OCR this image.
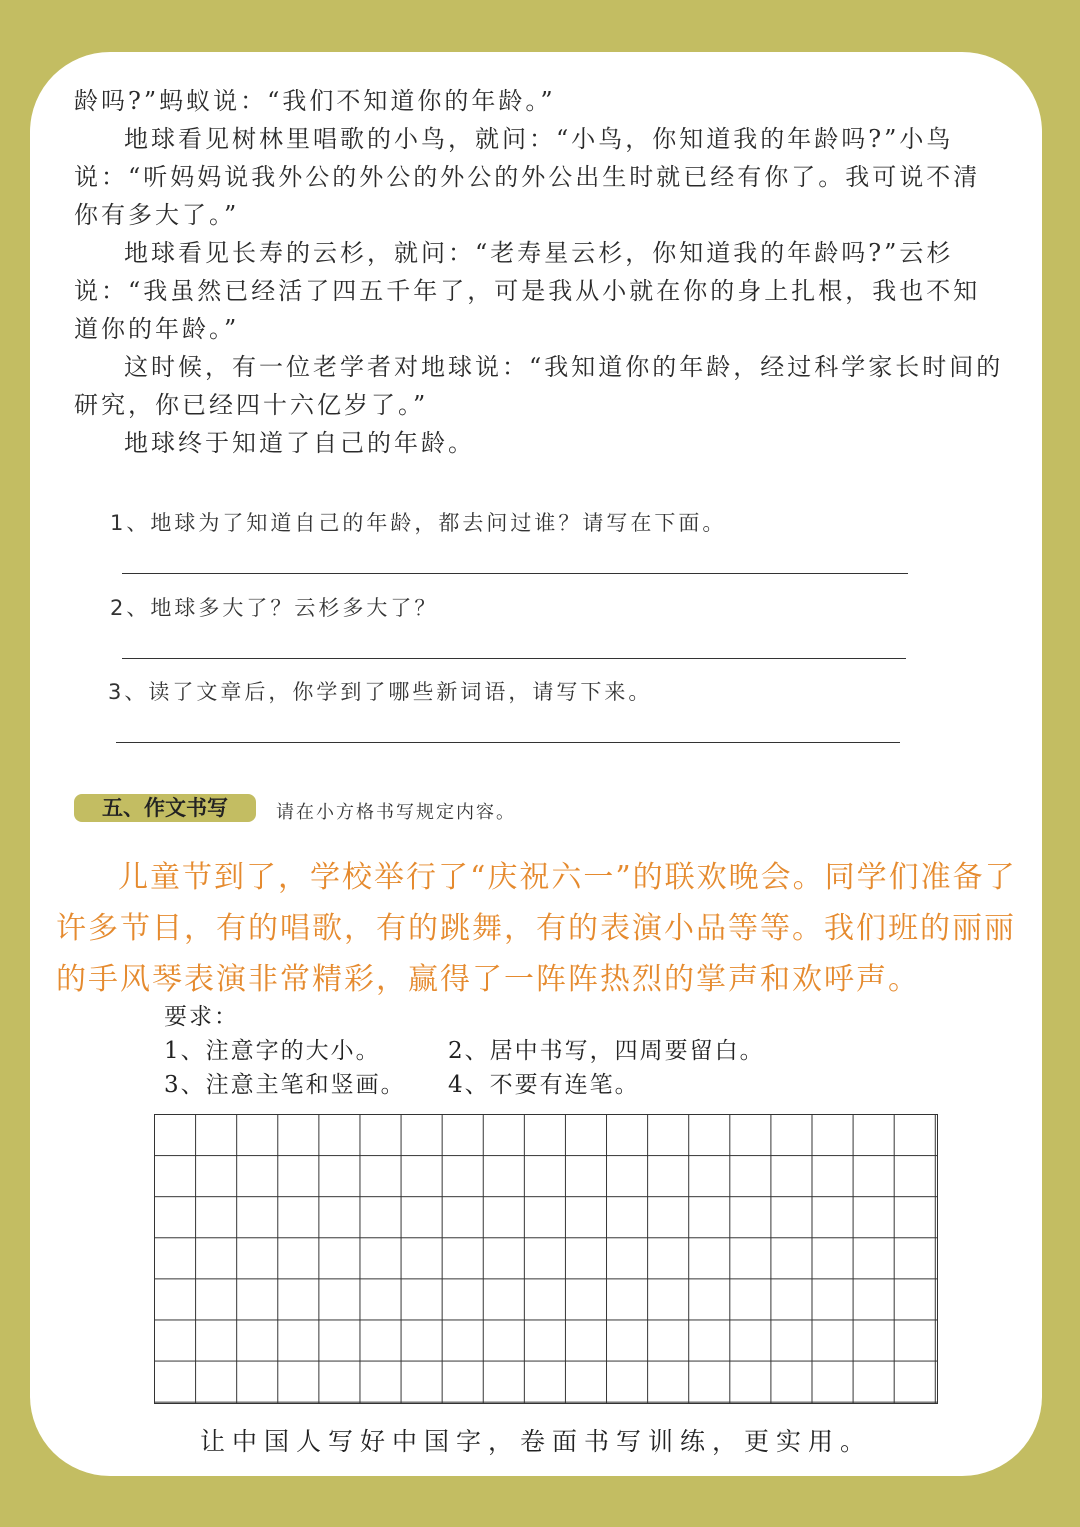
龄吗?”蚂蚁说：“我们不知道你的年龄。”

地球看见树林里唱歌的小鸟，就问：“小鸟，你知道我的年龄吗?”小鸟说：“听妈妈说我外公的外公的外公的外公出生时就已经有你了。我可说不清你有多大了。”

地球看见长寿的云杉，就问：“老寿星云杉，你知道我的年龄吗?”云杉说：“我虽然已经活了四五千年了，可是我从小就在你的身上扎根，我也不知道你的年龄。”

这时候，有一位老学者对地球说：“我知道你的年龄，经过科学家长时间的研究，你已经四十六亿岁了。”

地球终于知道了自己的年龄。

1、地球为了知道自己的年龄，都去问过谁？请写在下面。
2、地球多大了？云杉多大了？
3、读了文章后，你学到了哪些新词语，请写下来。
五、作文书写	请在小方格书写规定内容。
儿童节到了，学校举行了“庆祝六一”的联欢晚会。同学们准备了许多节目，有的唱歌，有的跳舞，有的表演小品等等。我们班的丽丽的手风琴表演非常精彩，赢得了一阵阵热烈的掌声和欢呼声。
要求：
1、注意字的大小。	2、居中书写，四周要留白。
3、注意主笔和竖画。 4、不要有连笔。
让中国人写好中国字，卷面书写训练，更实用。
